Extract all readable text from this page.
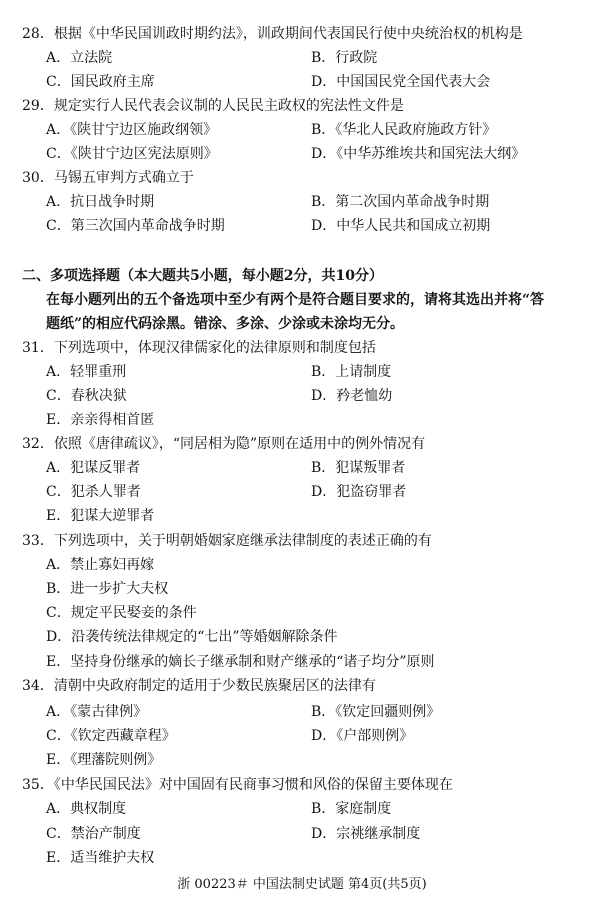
28．根据《中华民国训政时期约法》，训政期间代表国民行使中央统治权的机构是
A．立法院	B．行政院
C．国民政府主席	D．中国国民党全国代表大会
29．规定实行人民代表会议制的人民民主政权的宪法性文件是
A．《陕甘宁边区施政纲领》	B．《华北人民政府施政方针》
C．《陕甘宁边区宪法原则》	D．《中华苏维埃共和国宪法大纲》
30．马锡五审判方式确立于
A．抗日战争时期	B．第二次国内革命战争时期
C．第三次国内革命战争时期	D．中华人民共和国成立初期
二、多项选择题（本大题共5小题，每小题2分，共10分）
在每小题列出的五个备选项中至少有两个是符合题目要求的，请将其选出并将“答
题纸”的相应代码涂黑。错涂、多涂、少涂或未涂均无分。
31．下列选项中，体现汉律儒家化的法律原则和制度包括
A．轻罪重刑	B．上请制度
C．春秋决狱	D．矜老恤幼
E．亲亲得相首匿
32．依照《唐律疏议》，“同居相为隐”原则在适用中的例外情况有
A．犯谋反罪者	B．犯谋叛罪者
C．犯杀人罪者	D．犯盗窃罪者
E．犯谋大逆罪者
33．下列选项中，关于明朝婚姻家庭继承法律制度的表述正确的有
A．禁止寡妇再嫁
B．进一步扩大夫权
C．规定平民娶妾的条件
D．沿袭传统法律规定的“七出”等婚姻解除条件
E．坚持身份继承的嫡长子继承制和财产继承的“诸子均分”原则
34．清朝中央政府制定的适用于少数民族聚居区的法律有
A．《蒙古律例》	B．《钦定回疆则例》
C．《钦定西藏章程》	D．《户部则例》
E．《理藩院则例》
35．《中华民国民法》对中国固有民商事习惯和风俗的保留主要体现在
A．典权制度	B．家庭制度
C．禁治产制度	D．宗祧继承制度
E．适当维护夫权
浙 00223＃ 中国法制史试题 第4页(共5页)
